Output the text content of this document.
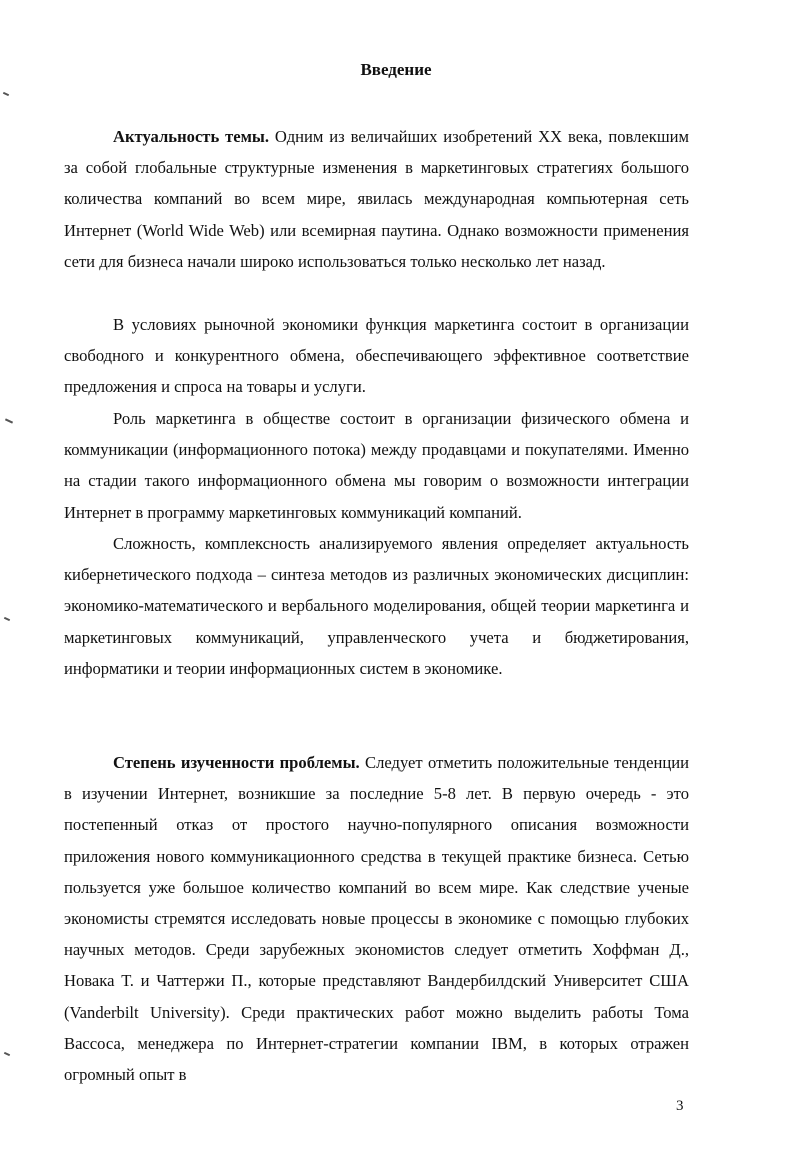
Введение

Актуальность темы. Одним из величайших изобретений XX века, повлекшим за собой глобальные структурные изменения в маркетинговых стратегиях большого количества компаний во всем мире, явилась международная компьютерная сеть Интернет (World Wide Web) или всемирная паутина. Однако возможности применения сети для бизнеса начали широко использоваться только несколько лет назад.

В условиях рыночной экономики функция маркетинга состоит в организации свободного и конкурентного обмена, обеспечивающего эффективное соответствие предложения и спроса на товары и услуги.

Роль маркетинга в обществе состоит в организации физического обмена и коммуникации (информационного потока) между продавцами и покупателями. Именно на стадии такого информационного обмена мы говорим о возможности интеграции Интернет в программу маркетинговых коммуникаций компаний.

Сложность, комплексность анализируемого явления определяет актуальность кибернетического подхода – синтеза методов из различных экономических дисциплин: экономико-математического и вербального моделирования, общей теории маркетинга и маркетинговых коммуникаций, управленческого учета и бюджетирования, информатики и теории информационных систем в экономике.

Степень изученности проблемы. Следует отметить положительные тенденции в изучении Интернет, возникшие за последние 5-8 лет. В первую очередь - это постепенный отказ от простого научно-популярного описания возможности приложения нового коммуникационного средства в текущей практике бизнеса. Сетью пользуется уже большое количество компаний во всем мире. Как следствие ученые экономисты стремятся исследовать новые процессы в экономике с помощью глубоких научных методов. Среди зарубежных экономистов следует отметить Хоффман Д., Новака Т. и Чаттержи П., которые представляют Вандербилдский Университет США (Vanderbilt University). Среди практических работ можно выделить работы Тома Вассоса, менеджера по Интернет-стратегии компании IBM, в которых отражен огромный опыт в

3
